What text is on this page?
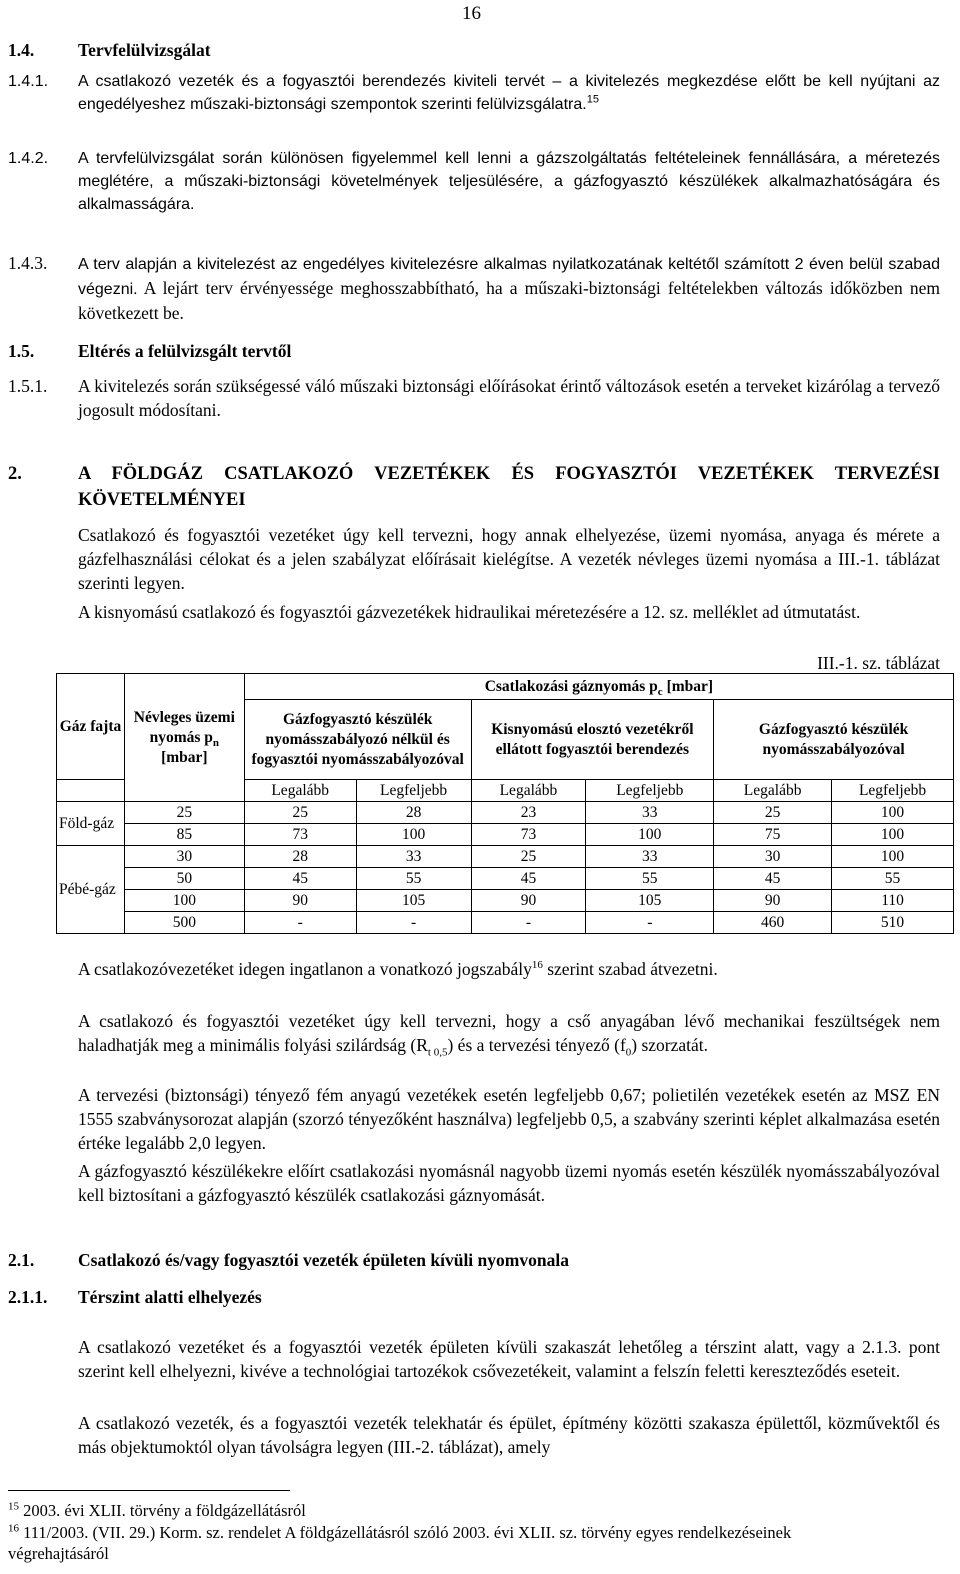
16
1.4.	Tervfelülvizsgálat
1.4.1. A csatlakozó vezeték és a fogyasztói berendezés kiviteli tervét – a kivitelezés megkezdése előtt be kell nyújtani az engedélyeshez műszaki-biztonsági szempontok szerinti felülvizsgálatra.$^{15}$
1.4.2. A tervfelülvizsgálat során különösen figyelemmel kell lenni a gázszolgáltatás feltételeinek fennállására, a méretezés meglétére, a műszaki-biztonsági követelmények teljesülésére, a gázfogyasztó készülékek alkalmazhatóságára és alkalmasságára.
1.4.3. A terv alapján a kivitelezést az engedélyes kivitelezésre alkalmas nyilatkozatának keltétől számított 2 éven belül szabad végezni. A lejárt terv érvényessége meghosszabbítható, ha a műszaki-biztonsági feltételekben változás időközben nem következett be.
1.5.	Eltérés a felülvizsgált tervtől
1.5.1. A kivitelezés során szükségessé váló műszaki biztonsági előírásokat érintő változások esetén a terveket kizárólag a tervező jogosult módosítani.
2.	A FÖLDGÁZ CSATLAKOZÓ VEZETÉKEK ÉS FOGYASZTÓI VEZETÉKEK TERVEZÉSI KÖVETELMÉNYEI
Csatlakozó és fogyasztói vezetéket úgy kell tervezni, hogy annak elhelyezése, üzemi nyomása, anyaga és mérete a gázfelhasználási célokat és a jelen szabályzat előírásait kielégítse. A vezeték névleges üzemi nyomása a III.-1. táblázat szerinti legyen.
A kisnyomású csatlakozó és fogyasztói gázvezetékek hidraulikai méretezésére a 12. sz. melléklet ad útmutatást.
III.-1. sz. táblázat
Gáz fajta	Névleges üzemi nyomás $p_n$ [mbar]	Csatlakozási gáznyomás $p_c$ [mbar]					
		Gázfogyasztó készülék nyomásszabályozó nélkül és fogyasztói nyomásszabályozóval		Kisnyomású elosztó vezetékről ellátott fogyasztói berendezés		Gázfogyasztó készülék nyomásszabályozóval	
		Legalább	Legfeljebb	Legalább	Legfeljebb	Legalább	Legfeljebb
Föld-gáz	25	25	28	23	33	25	100
	85	73	100	73	100	75	100
Pébé-gáz	30	28	33	25	33	30	100
	50	45	55	45	55	45	55
	100	90	105	90	105	90	110
	500	-	-	-	-	460	510
A csatlakozóvezetéket idegen ingatlanon a vonatkozó jogszabály$^{16}$ szerint szabad átvezetni.
A csatlakozó és fogyasztói vezetéket úgy kell tervezni, hogy a cső anyagában lévő mechanikai feszültségek nem haladhatják meg a minimális folyási szilárdság $(R_{t 0,5})$ és a tervezési tényező $(f_0)$ szorzatát.
A tervezési (biztonsági) tényező fém anyagú vezetékek esetén legfeljebb 0,67; polietilén vezetékek esetén az MSZ EN 1555 szabványsorozat alapján (szorzó tényezőként használva) legfeljebb 0,5, a szabvány szerinti képlet alkalmazása esetén értéke legalább 2,0 legyen.
A gázfogyasztó készülékekre előírt csatlakozási nyomásnál nagyobb üzemi nyomás esetén készülék nyomásszabályozóval kell biztosítani a gázfogyasztó készülék csatlakozási gáznyomását.
2.1.	Csatlakozó és/vagy fogyasztói vezeték épületen kívüli nyomvonala
2.1.1. Térszint alatti elhelyezés
A csatlakozó vezetéket és a fogyasztói vezeték épületen kívüli szakaszát lehetőleg a térszint alatt, vagy a 2.1.3. pont szerint kell elhelyezni, kivéve a technológiai tartozékok csővezetékeit, valamint a felszín feletti kereszteződés eseteit.
A csatlakozó vezeték, és a fogyasztói vezeték telekhatár és épület, építmény közötti szakasza épülettől, közművektől és más objektumoktól olyan távolságra legyen (III.-2. táblázat), amely
$^{15}$ 2003. évi XLII. törvény a földgázellátásról
$^{16}$ 111/2003. (VII. 29.) Korm. sz. rendelet A földgázellátásról szóló 2003. évi XLII. sz. törvény egyes rendelkezéseinek végrehajtásáról
